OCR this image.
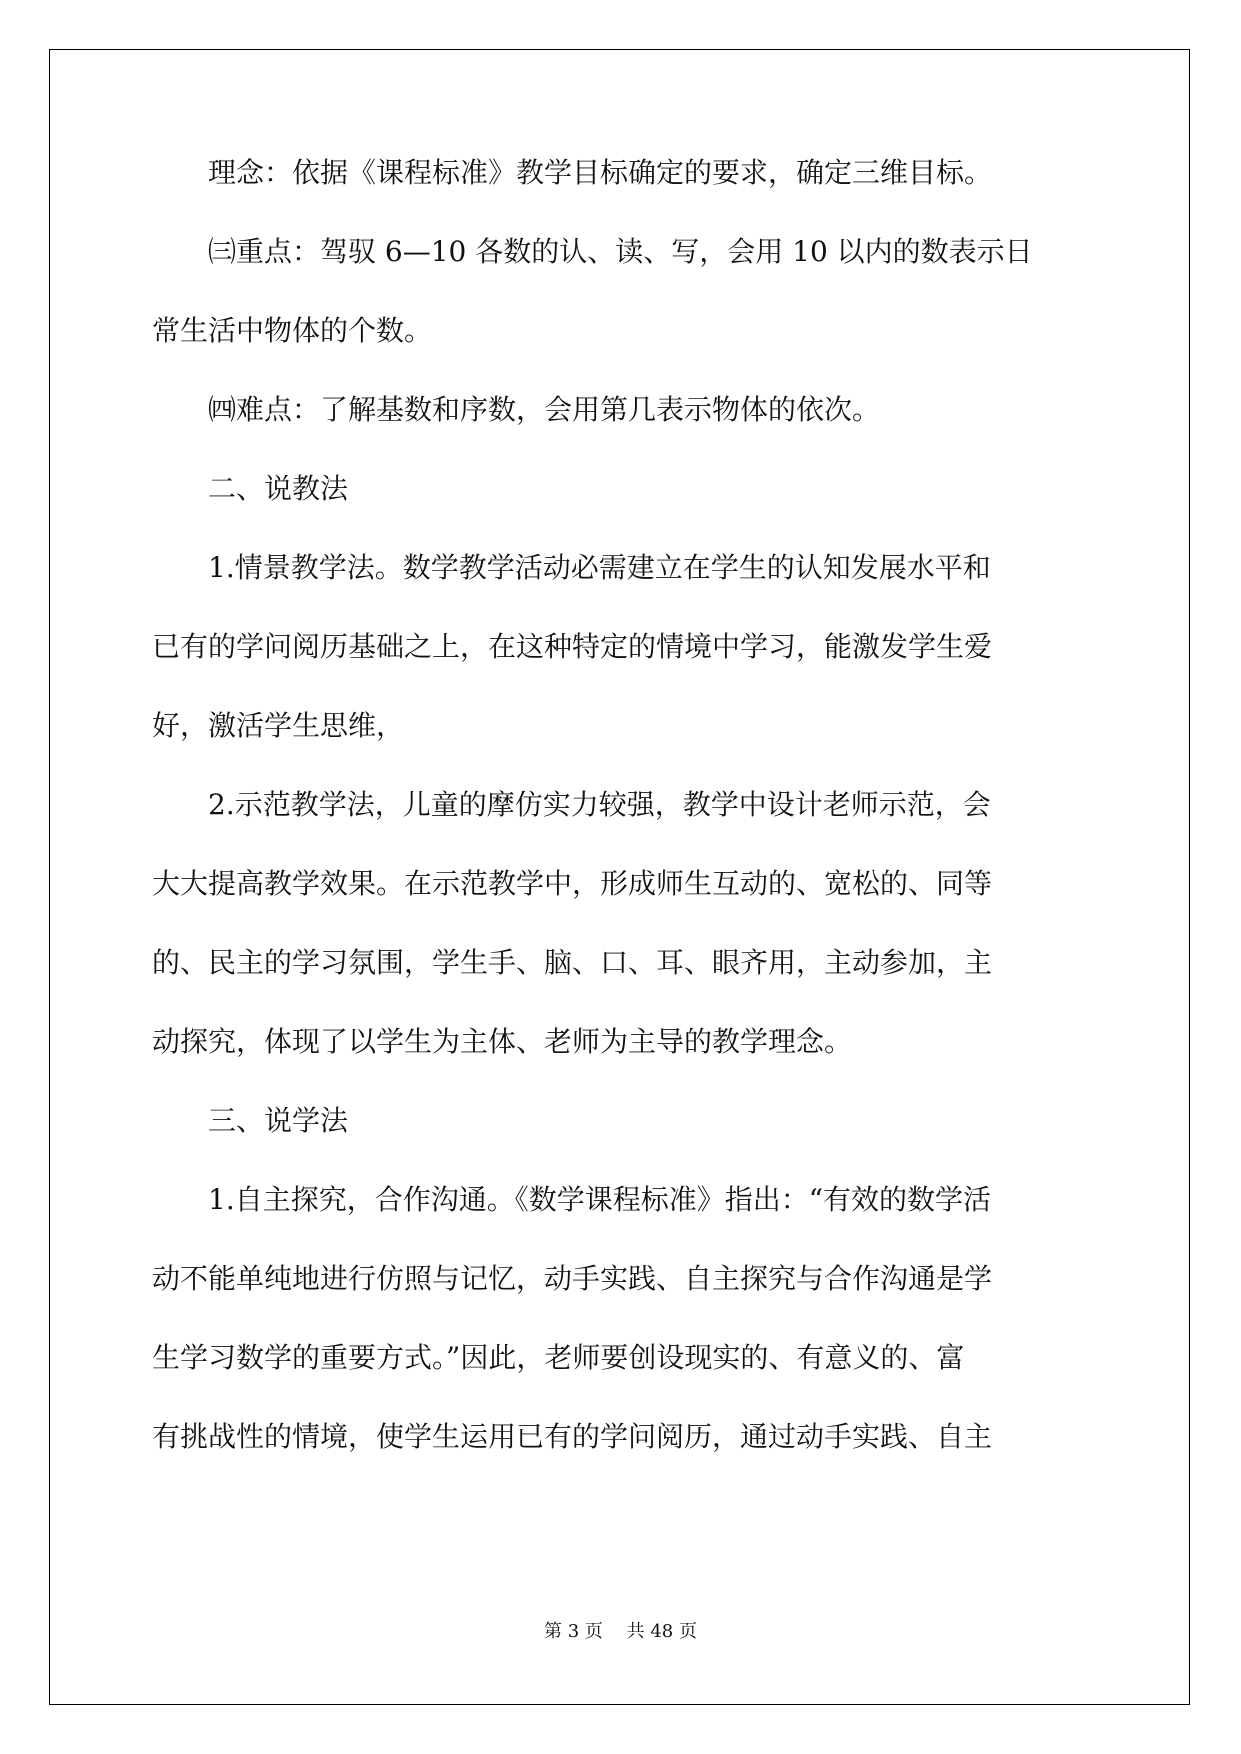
　　理念：依据《课程标准》教学目标确定的要求，确定三维目标。
　　㈢重点：驾驭 6—10 各数的认、读、写，会用 10 以内的数表示日
常生活中物体的个数。
　　㈣难点：了解基数和序数，会用第几表示物体的依次。
　　二、说教法
　　1.情景教学法。数学教学活动必需建立在学生的认知发展水平和
已有的学问阅历基础之上，在这种特定的情境中学习，能激发学生爱
好，激活学生思维，
　　2.示范教学法，儿童的摩仿实力较强，教学中设计老师示范，会
大大提高教学效果。在示范教学中，形成师生互动的、宽松的、同等
的、民主的学习氛围，学生手、脑、口、耳、眼齐用，主动参加，主
动探究，体现了以学生为主体、老师为主导的教学理念。
　　三、说学法
　　1.自主探究，合作沟通。《数学课程标准》指出：“有效的数学活
动不能单纯地进行仿照与记忆，动手实践、自主探究与合作沟通是学
生学习数学的重要方式。”因此，老师要创设现实的、有意义的、富
有挑战性的情境，使学生运用已有的学问阅历，通过动手实践、自主
第 3 页　 共 48 页
